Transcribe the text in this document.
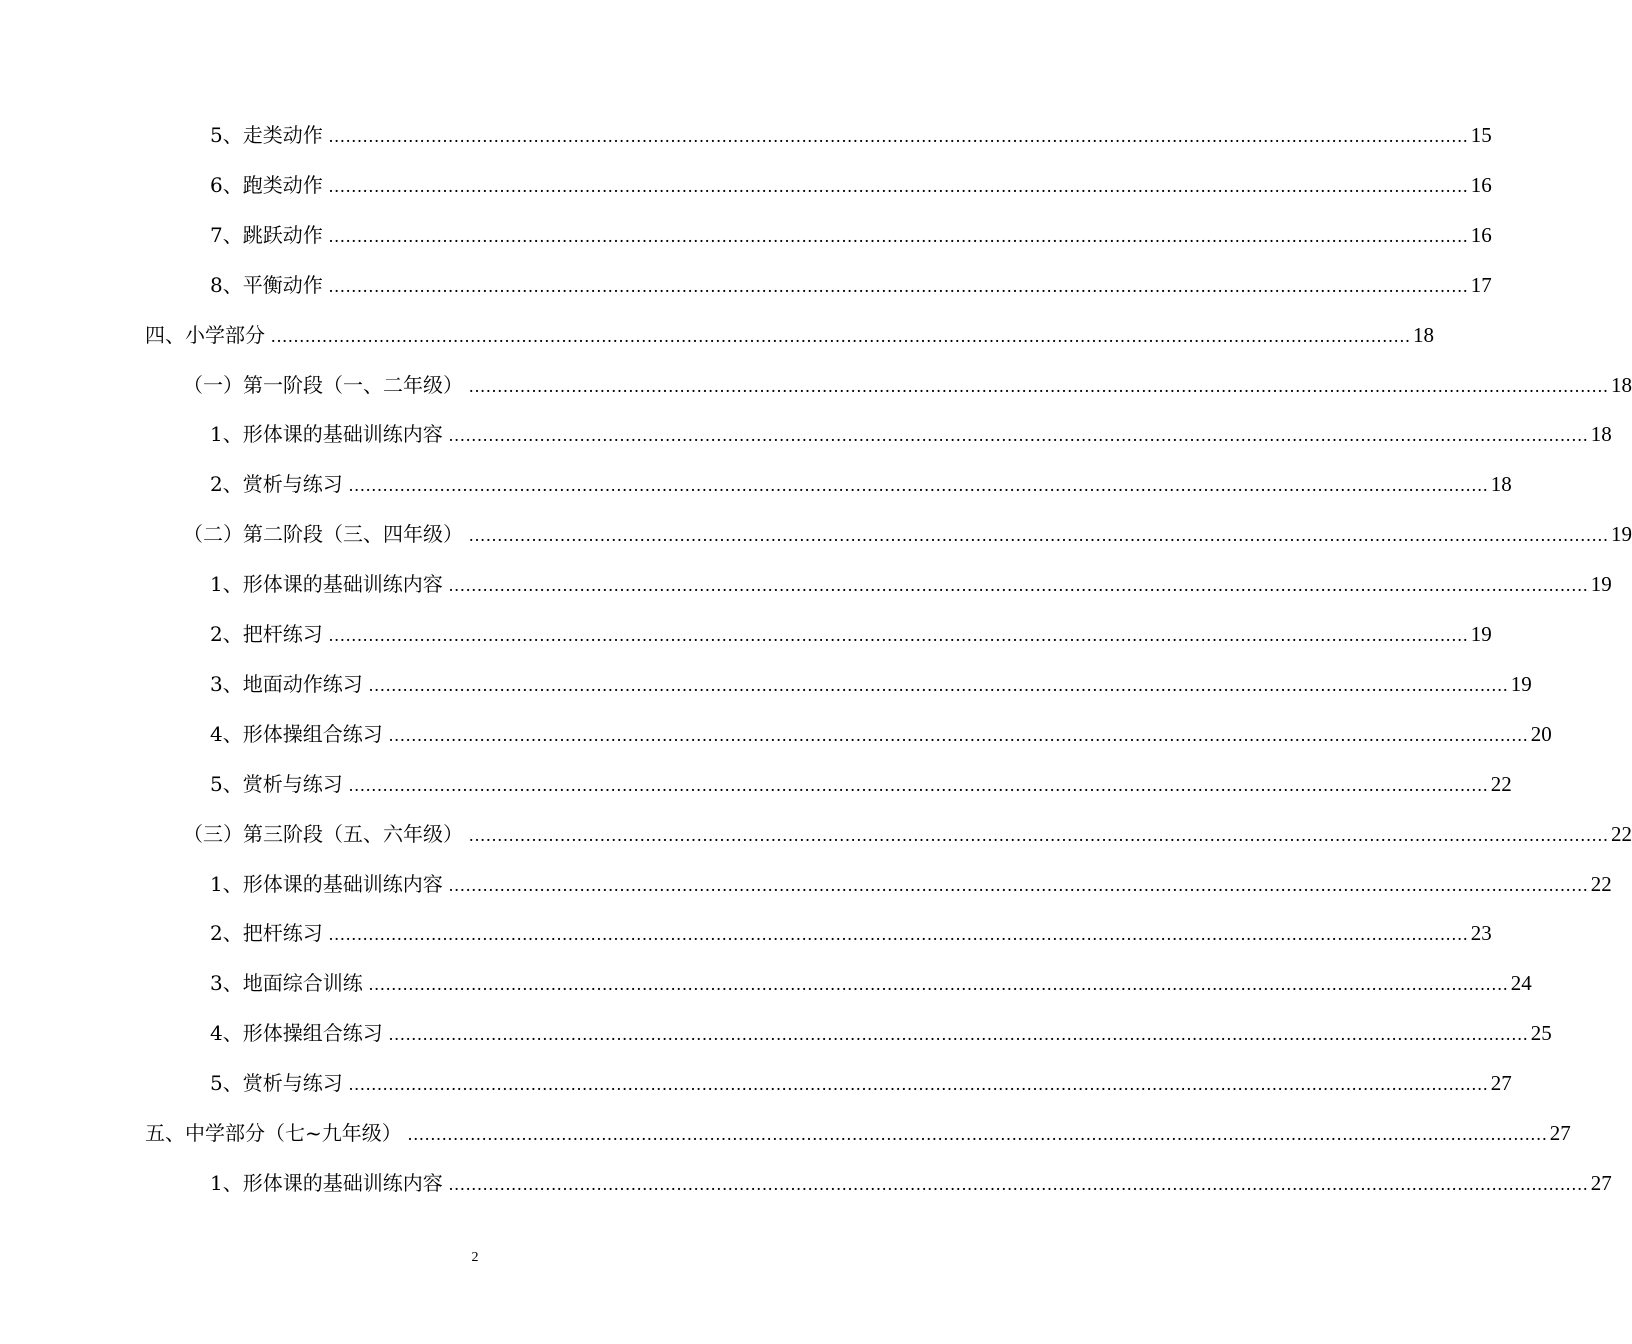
5、走类动作 ........................................................................................................................................................................................................ 15
6、跑类动作 ........................................................................................................................................................................................................ 16
7、跳跃动作 ........................................................................................................................................................................................................ 16
8、平衡动作 ........................................................................................................................................................................................................ 17
四、小学部分 ........................................................................................................................................................................................................ 18
（一）第一阶段（一、二年级） ........................................................................................................................................................................................................ 18
1、形体课的基础训练内容 ........................................................................................................................................................................................................ 18
2、赏析与练习 ........................................................................................................................................................................................................ 18
（二）第二阶段（三、四年级） ........................................................................................................................................................................................................ 19
1、形体课的基础训练内容 ........................................................................................................................................................................................................ 19
2、把杆练习 ........................................................................................................................................................................................................ 19
3、地面动作练习 ........................................................................................................................................................................................................ 19
4、形体操组合练习 ........................................................................................................................................................................................................ 20
5、赏析与练习 ........................................................................................................................................................................................................ 22
（三）第三阶段（五、六年级） ........................................................................................................................................................................................................ 22
1、形体课的基础训练内容 ........................................................................................................................................................................................................ 22
2、把杆练习 ........................................................................................................................................................................................................ 23
3、地面综合训练 ........................................................................................................................................................................................................ 24
4、形体操组合练习 ........................................................................................................................................................................................................ 25
5、赏析与练习 ........................................................................................................................................................................................................ 27
五、中学部分（七~九年级） ........................................................................................................................................................................................................ 27
1、形体课的基础训练内容 ........................................................................................................................................................................................................ 27
2
